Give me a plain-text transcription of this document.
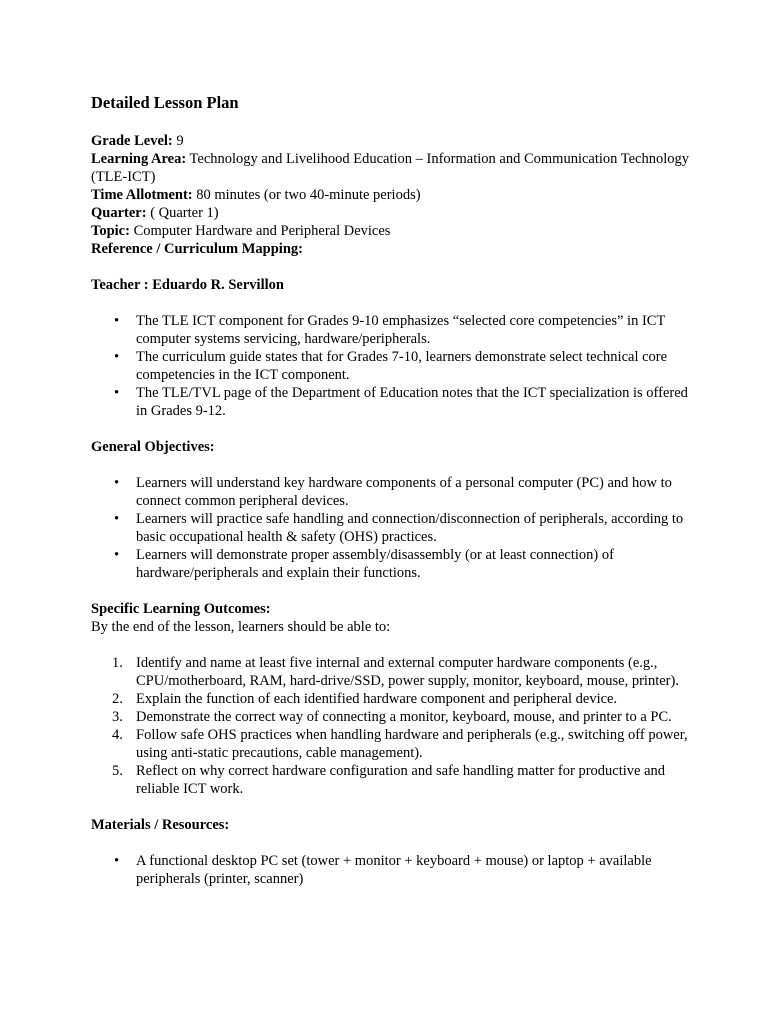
Detailed Lesson Plan

Grade Level: 9

Learning Area: Technology and Livelihood Education – Information and Communication Technology (TLE-ICT)

Time Allotment: 80 minutes (or two 40-minute periods)

Quarter: ( Quarter 1)

Topic: Computer Hardware and Peripheral Devices

Reference / Curriculum Mapping:

Teacher : Eduardo R. Servillon

• The TLE ICT component for Grades 9-10 emphasizes “selected core competencies” in ICT computer systems servicing, hardware/peripherals.
• The curriculum guide states that for Grades 7-10, learners demonstrate select technical core competencies in the ICT component.
• The TLE/TVL page of the Department of Education notes that the ICT specialization is offered in Grades 9-12.

General Objectives:

• Learners will understand key hardware components of a personal computer (PC) and how to connect common peripheral devices.
• Learners will practice safe handling and connection/disconnection of peripherals, according to basic occupational health & safety (OHS) practices.
• Learners will demonstrate proper assembly/disassembly (or at least connection) of hardware/peripherals and explain their functions.

Specific Learning Outcomes:

By the end of the lesson, learners should be able to:

1. Identify and name at least five internal and external computer hardware components (e.g., CPU/motherboard, RAM, hard-drive/SSD, power supply, monitor, keyboard, mouse, printer).
2. Explain the function of each identified hardware component and peripheral device.
3. Demonstrate the correct way of connecting a monitor, keyboard, mouse, and printer to a PC.
4. Follow safe OHS practices when handling hardware and peripherals (e.g., switching off power, using anti-static precautions, cable management).
5. Reflect on why correct hardware configuration and safe handling matter for productive and reliable ICT work.

Materials / Resources:

• A functional desktop PC set (tower + monitor + keyboard + mouse) or laptop + available peripherals (printer, scanner)
